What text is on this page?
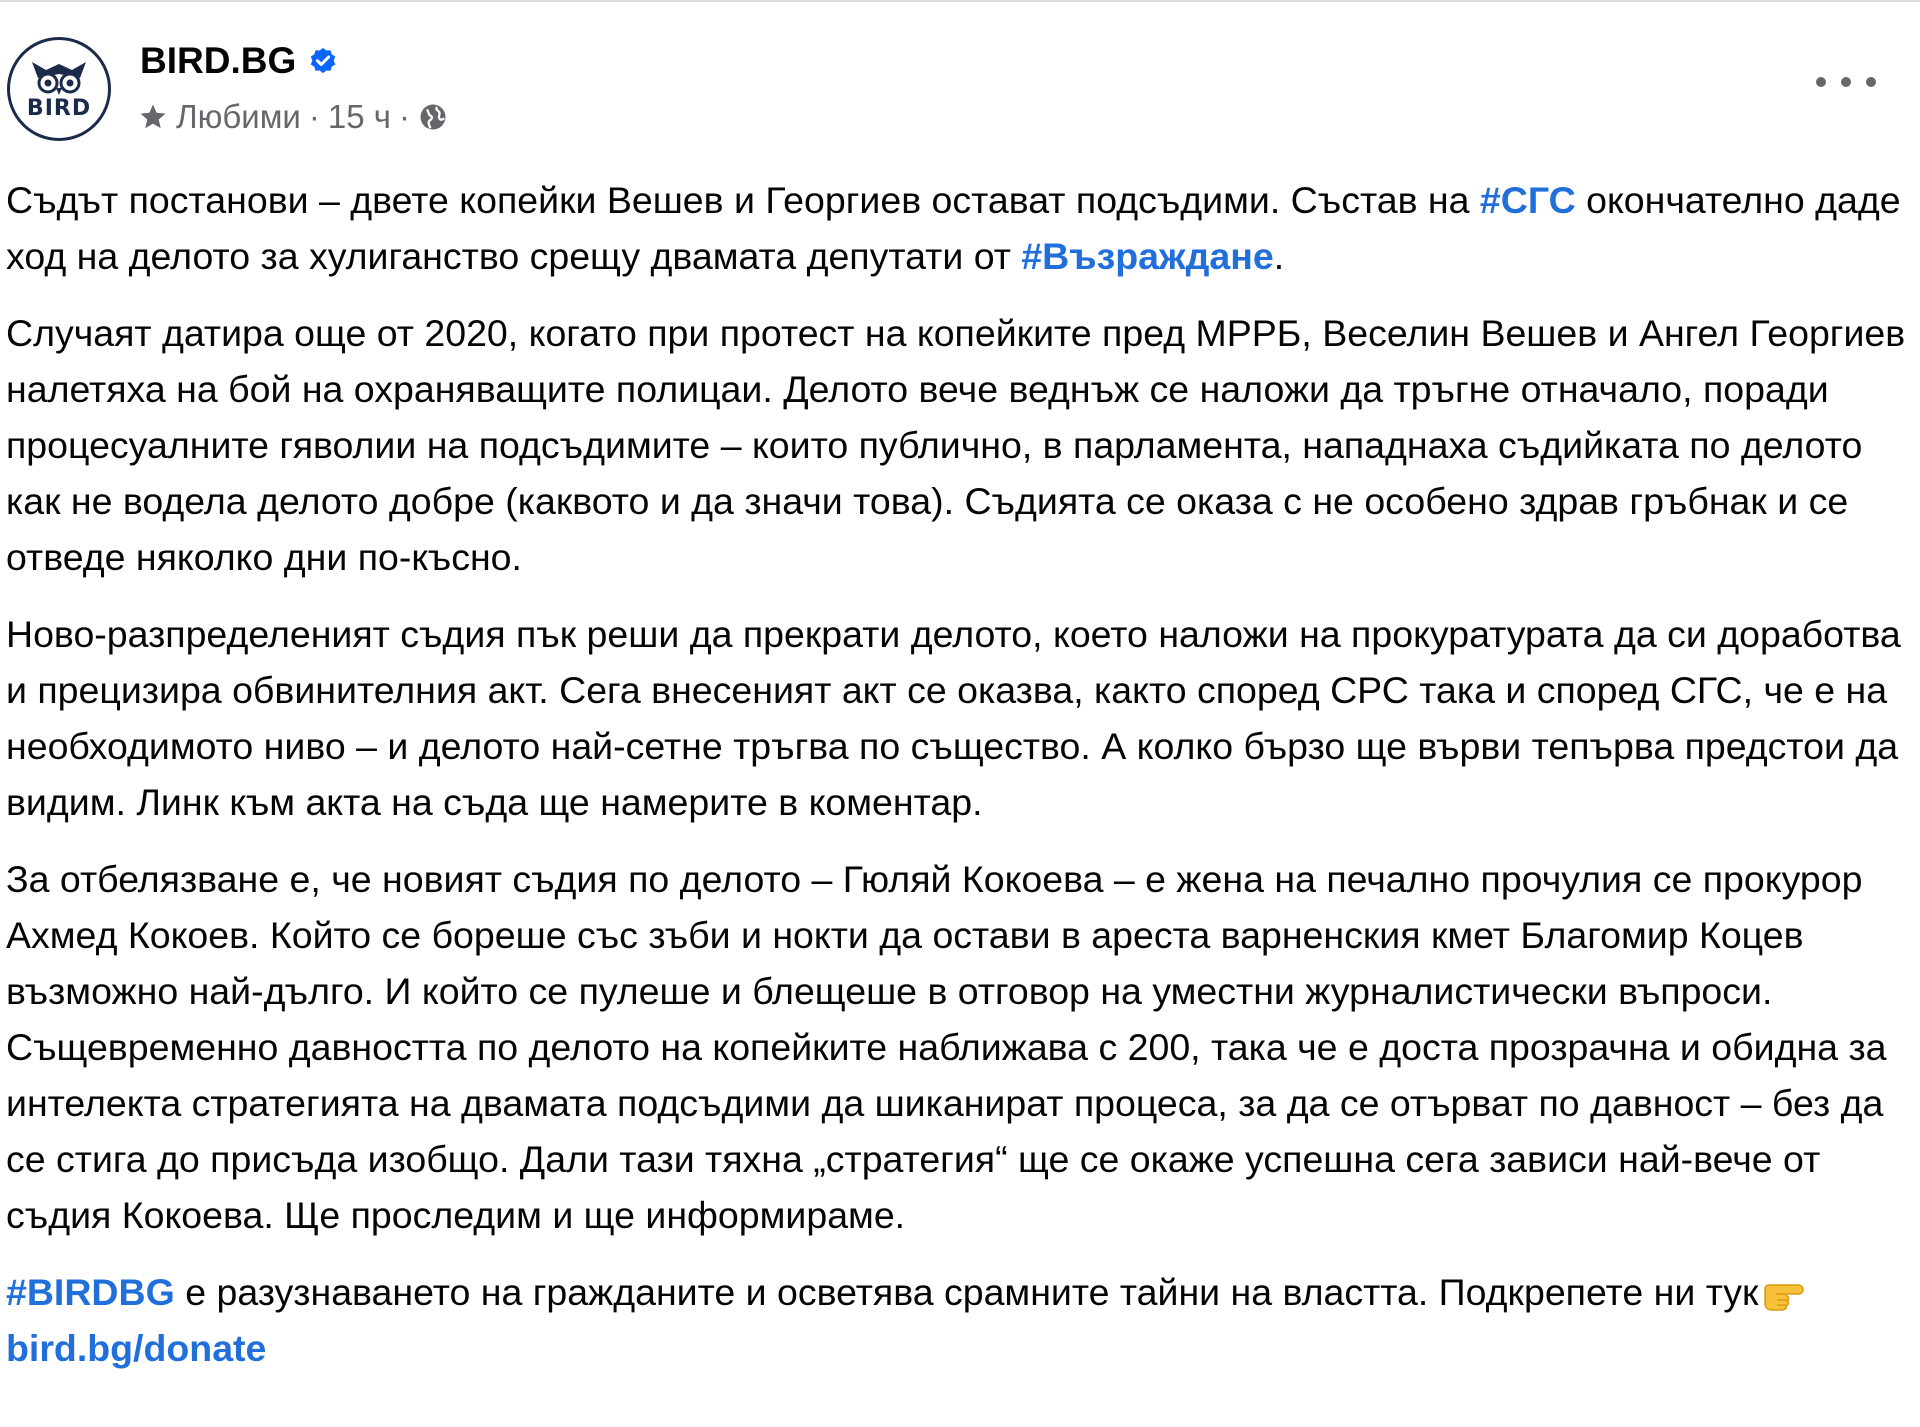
BIRD
BIRD.BG
Любими · 15 ч ·

Съдът постанови – двете копейки Вешев и Георгиев остават подсъдими. Състав на #СГС окончателно даде ход на делото за хулиганство срещу двамата депутати от #Възраждане.

Случаят датира още от 2020, когато при протест на копейките пред МРРБ, Веселин Вешев и Ангел Георгиев налетяха на бой на охраняващите полицаи. Делото вече веднъж се наложи да тръгне отначало, поради процесуалните гяволии на подсъдимите – които публично, в парламента, нападнаха съдийката по делото как не водела делото добре (каквото и да значи това). Съдията се оказа с не особено здрав гръбнак и се отведе няколко дни по-късно.

Ново-разпределеният съдия пък реши да прекрати делото, което наложи на прокуратурата да си доработва и прецизира обвинителния акт. Сега внесеният акт се оказва, както според СРС така и според СГС, че е на необходимото ниво – и делото най-сетне тръгва по същество. А колко бързо ще върви тепърва предстои да видим. Линк към акта на съда ще намерите в коментар.

За отбелязване е, че новият съдия по делото – Гюляй Кокоева – е жена на печално прочулия се прокурор Ахмед Кокоев. Който се бореше със зъби и нокти да остави в ареста варненския кмет Благомир Коцев възможно най-дълго. И който се пулеше и блещеше в отговор на уместни журналистически въпроси. Същевременно давността по делото на копейките наближава с 200, така че е доста прозрачна и обидна за интелекта стратегията на двамата подсъдими да шиканират процеса, за да се отърват по давност – без да се стига до присъда изобщо. Дали тази тяхна „стратегия“ ще се окаже успешна сега зависи най-вече от съдия Кокоева. Ще проследим и ще информираме.

#BIRDBG е разузнаването на гражданите и осветява срамните тайни на властта. Подкрепете ни тукbird.bg/donate
